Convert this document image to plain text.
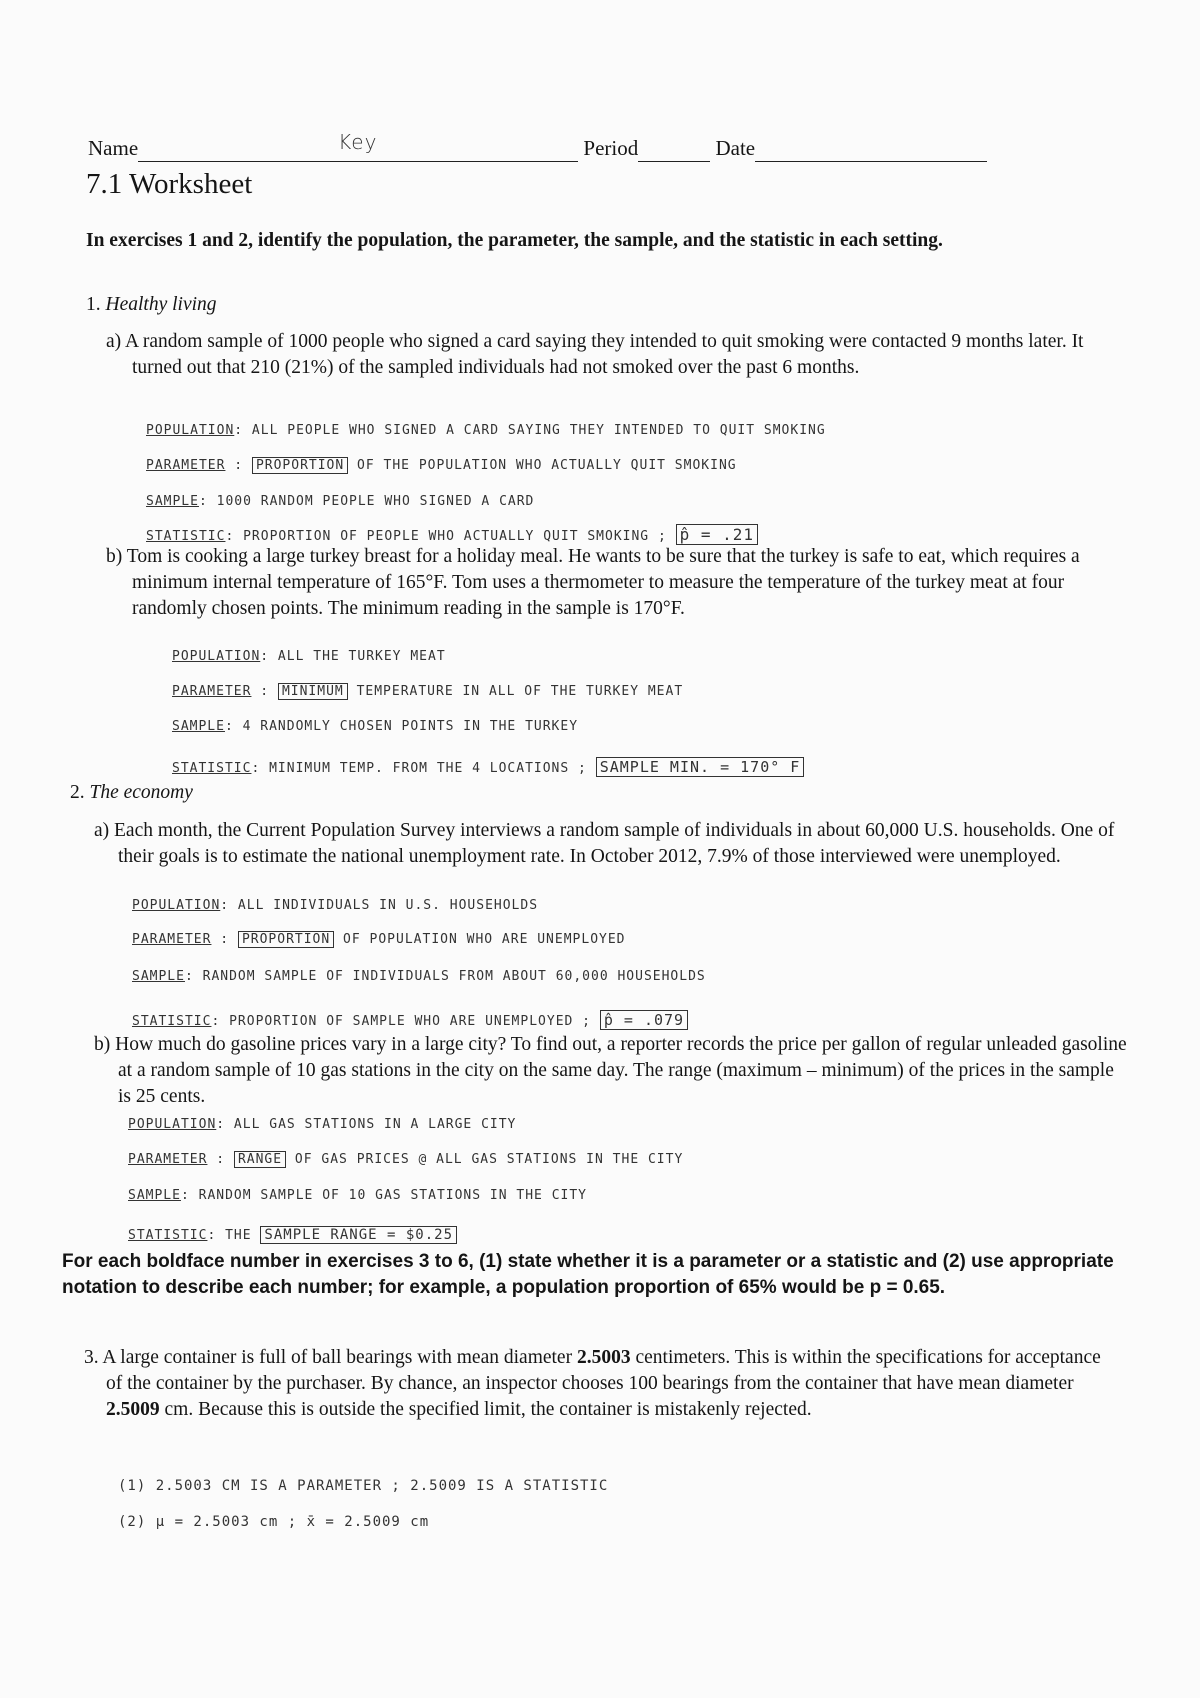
Name	Key	Period	Date
7.1 Worksheet
In exercises 1 and 2, identify the population, the parameter, the sample, and the statistic in each setting.
1. Healthy living
a) A random sample of 1000 people who signed a card saying they intended to quit smoking were contacted 9 months later. It turned out that 210 (21%) of the sampled individuals had not smoked over the past 6 months.
POPULATION: ALL PEOPLE WHO SIGNED A CARD SAYING THEY INTENDED TO QUIT SMOKING
PARAMETER : PROPORTION OF THE POPULATION WHO ACTUALLY QUIT SMOKING
SAMPLE: 1000 RANDOM PEOPLE WHO SIGNED A CARD
STATISTIC: PROPORTION OF PEOPLE WHO ACTUALLY QUIT SMOKING ; p̂ = .21
b) Tom is cooking a large turkey breast for a holiday meal. He wants to be sure that the turkey is safe to eat, which requires a minimum internal temperature of 165°F. Tom uses a thermometer to measure the temperature of the turkey meat at four randomly chosen points. The minimum reading in the sample is 170°F.
POPULATION: ALL THE TURKEY MEAT
PARAMETER : MINIMUM TEMPERATURE IN ALL OF THE TURKEY MEAT
SAMPLE: 4 RANDOMLY CHOSEN POINTS IN THE TURKEY
STATISTIC: MINIMUM TEMP. FROM THE 4 LOCATIONS ; SAMPLE MIN. = 170° F
2. The economy
a) Each month, the Current Population Survey interviews a random sample of individuals in about 60,000 U.S. households. One of their goals is to estimate the national unemployment rate. In October 2012, 7.9% of those interviewed were unemployed.
POPULATION: ALL INDIVIDUALS IN U.S. HOUSEHOLDS
PARAMETER : PROPORTION OF POPULATION WHO ARE UNEMPLOYED
SAMPLE: RANDOM SAMPLE OF INDIVIDUALS FROM ABOUT 60,000 HOUSEHOLDS
STATISTIC: PROPORTION OF SAMPLE WHO ARE UNEMPLOYED ; p̂ = .079
b) How much do gasoline prices vary in a large city? To find out, a reporter records the price per gallon of regular unleaded gasoline at a random sample of 10 gas stations in the city on the same day. The range (maximum – minimum) of the prices in the sample is 25 cents.
POPULATION: ALL GAS STATIONS IN A LARGE CITY
PARAMETER : RANGE OF GAS PRICES @ ALL GAS STATIONS IN THE CITY
SAMPLE: RANDOM SAMPLE OF 10 GAS STATIONS IN THE CITY
STATISTIC: THE SAMPLE RANGE = $0.25
For each boldface number in exercises 3 to 6, (1) state whether it is a parameter or a statistic and (2) use appropriate notation to describe each number; for example, a population proportion of 65% would be p = 0.65.
3. A large container is full of ball bearings with mean diameter 2.5003 centimeters. This is within the specifications for acceptance of the container by the purchaser. By chance, an inspector chooses 100 bearings from the container that have mean diameter 2.5009 cm. Because this is outside the specified limit, the container is mistakenly rejected.
(1) 2.5003 CM IS A PARAMETER ; 2.5009 IS A STATISTIC
(2) μ = 2.5003 cm ; x̄ = 2.5009 cm
